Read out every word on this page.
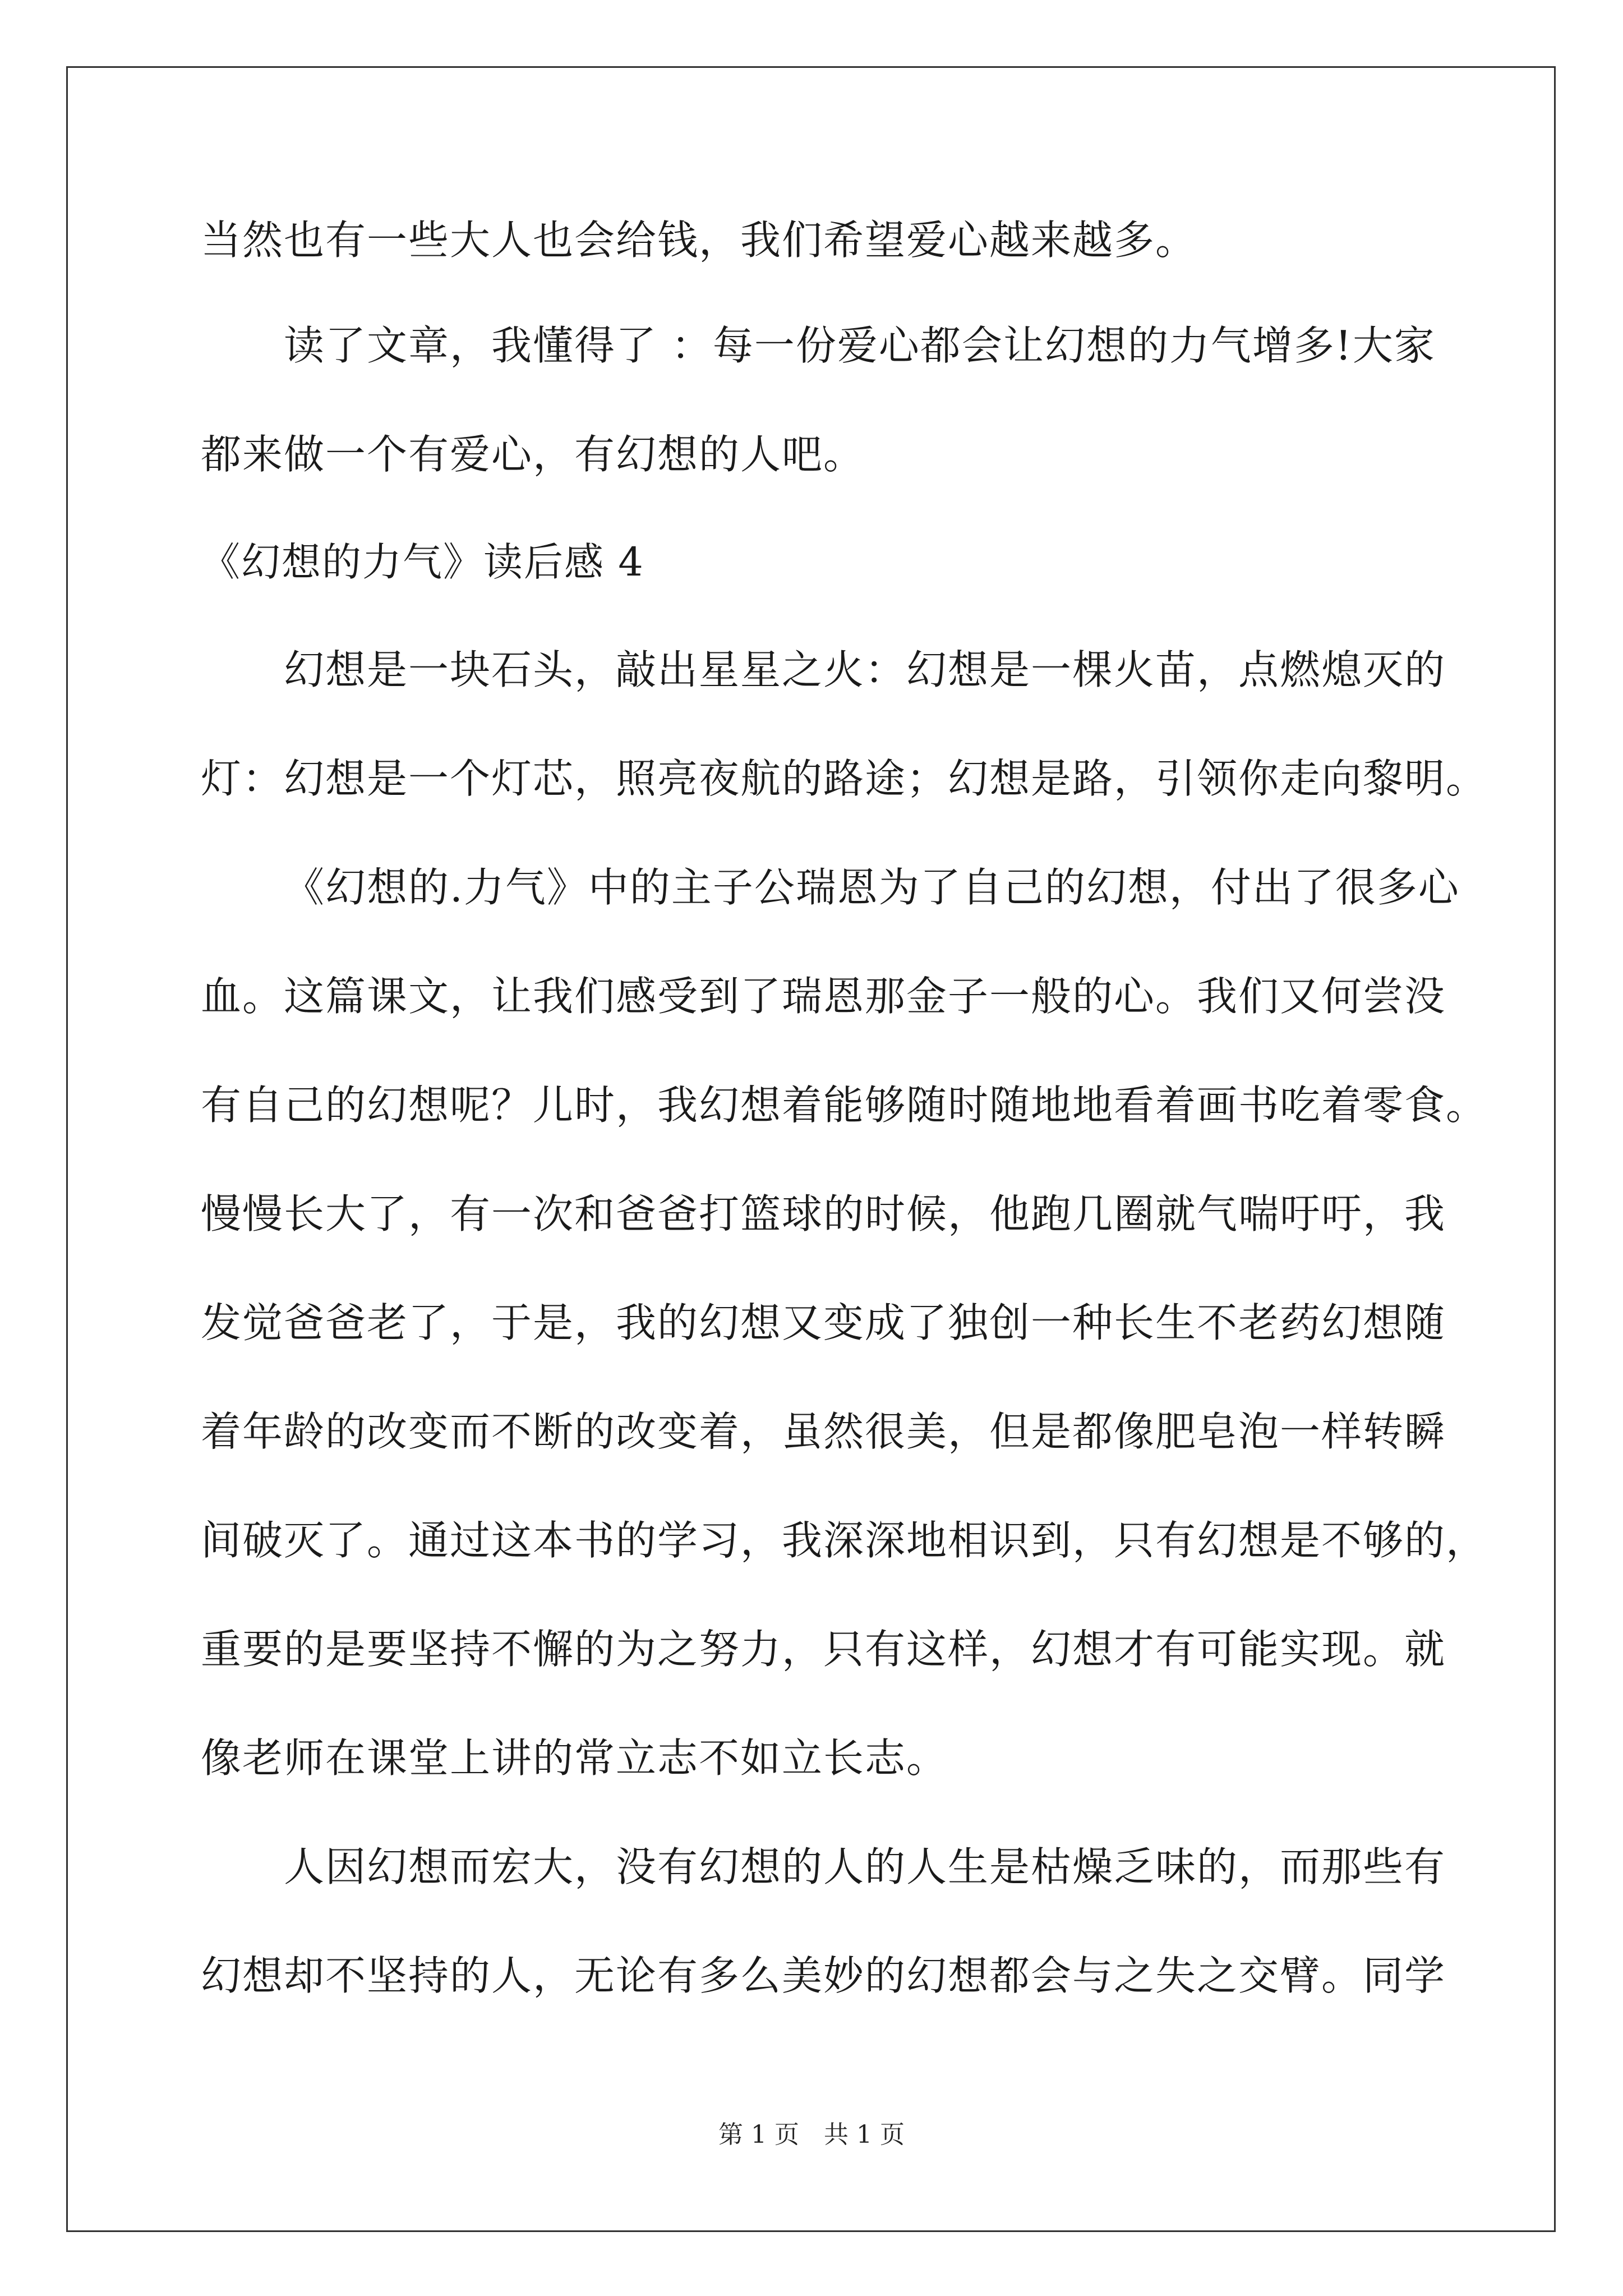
当然也有一些大人也会给钱，我们希望爱心越来越多。
读了文章，我懂得了 ：每一份爱心都会让幻想的力气增多!大家
都来做一个有爱心，有幻想的人吧。
《幻想的力气》读后感 4
幻想是一块石头，敲出星星之火：幻想是一棵火苗，点燃熄灭的
灯：幻想是一个灯芯，照亮夜航的路途；幻想是路，引领你走向黎明。
《幻想的.力气》中的主子公瑞恩为了自己的幻想，付出了很多心
血。这篇课文，让我们感受到了瑞恩那金子一般的心。我们又何尝没
有自己的幻想呢？儿时，我幻想着能够随时随地地看着画书吃着零食。
慢慢长大了，有一次和爸爸打篮球的时候，他跑几圈就气喘吁吁，我
发觉爸爸老了，于是，我的幻想又变成了独创一种长生不老药幻想随
着年龄的改变而不断的改变着，虽然很美，但是都像肥皂泡一样转瞬
间破灭了。通过这本书的学习，我深深地相识到，只有幻想是不够的，
重要的是要坚持不懈的为之努力，只有这样，幻想才有可能实现。就
像老师在课堂上讲的常立志不如立长志。
人因幻想而宏大，没有幻想的人的人生是枯燥乏味的，而那些有
幻想却不坚持的人，无论有多么美妙的幻想都会与之失之交臂。同学
第 1 页　共 1 页
